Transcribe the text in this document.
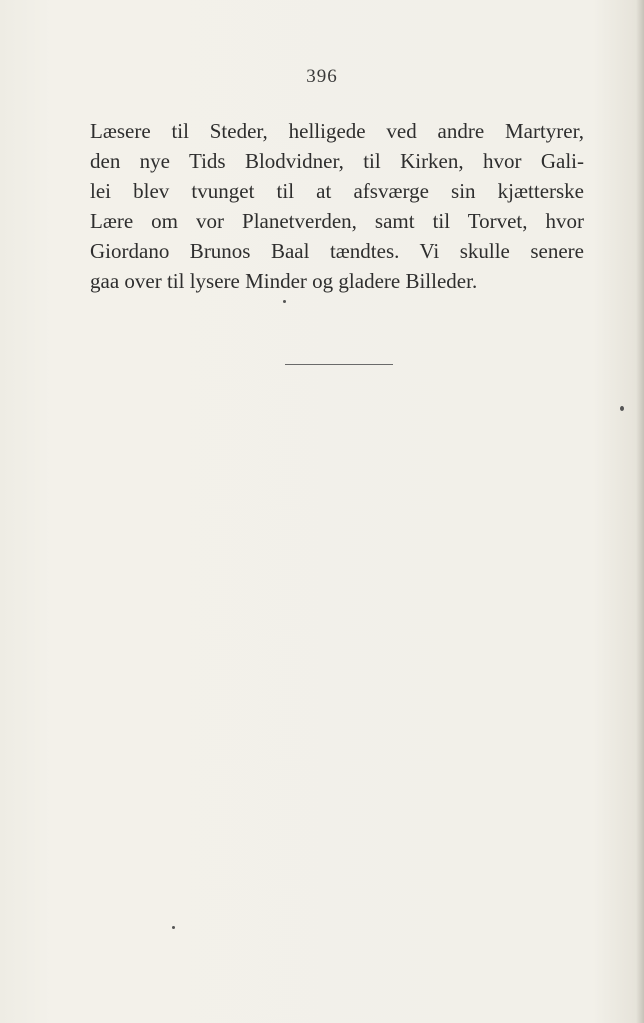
396
Læsere til Steder, helligede ved andre Martyrer,
den nye Tids Blodvidner, til Kirken, hvor Gali-
lei blev tvunget til at afsværge sin kjætterske
Lære om vor Planetverden, samt til Torvet, hvor
Giordano Brunos Baal tændtes. Vi skulle senere
gaa over til lysere Minder og gladere Billeder.
